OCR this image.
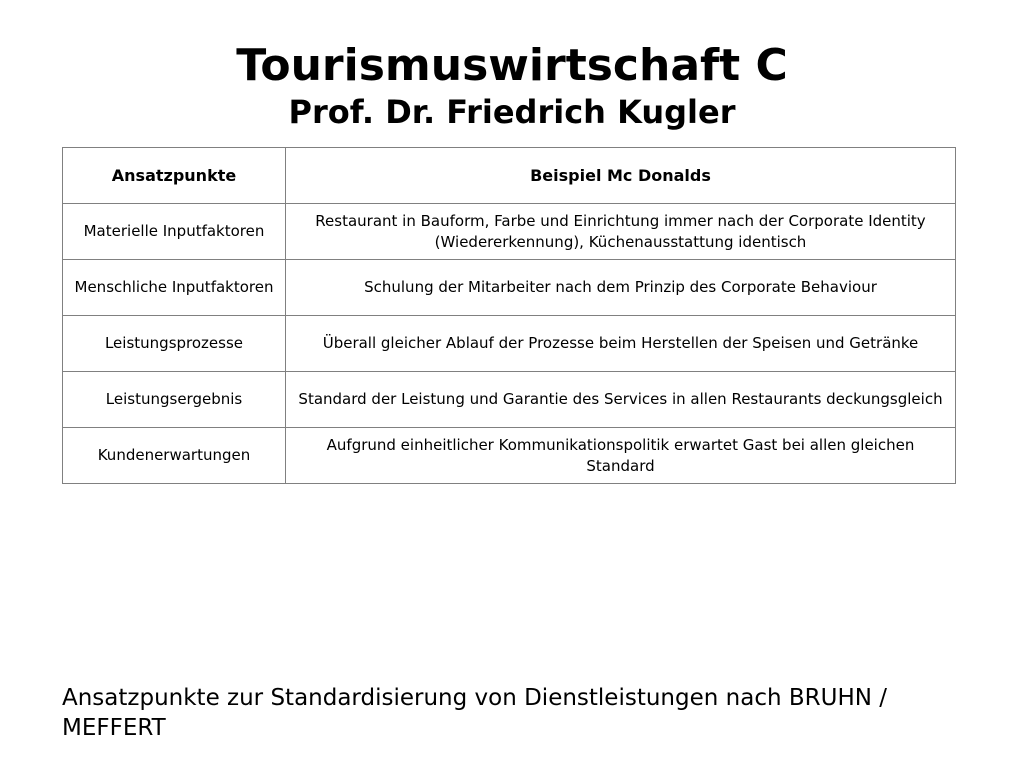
Tourismuswirtschaft C
Prof. Dr. Friedrich Kugler
Ansatzpunkte	Beispiel Mc Donalds
Materielle Inputfaktoren	Restaurant in Bauform, Farbe und Einrichtung immer nach der Corporate Identity (Wiedererkennung), Küchenausstattung identisch
Menschliche Inputfaktoren	Schulung der Mitarbeiter nach dem Prinzip des Corporate Behaviour
Leistungsprozesse	Überall gleicher Ablauf der Prozesse beim Herstellen der Speisen und Getränke
Leistungsergebnis	Standard der Leistung und Garantie des Services in allen Restaurants deckungsgleich
Kundenerwartungen	Aufgrund einheitlicher Kommunikationspolitik erwartet Gast bei allen gleichen Standard

Ansatzpunkte zur Standardisierung von Dienstleistungen nach BRUHN / MEFFERT
